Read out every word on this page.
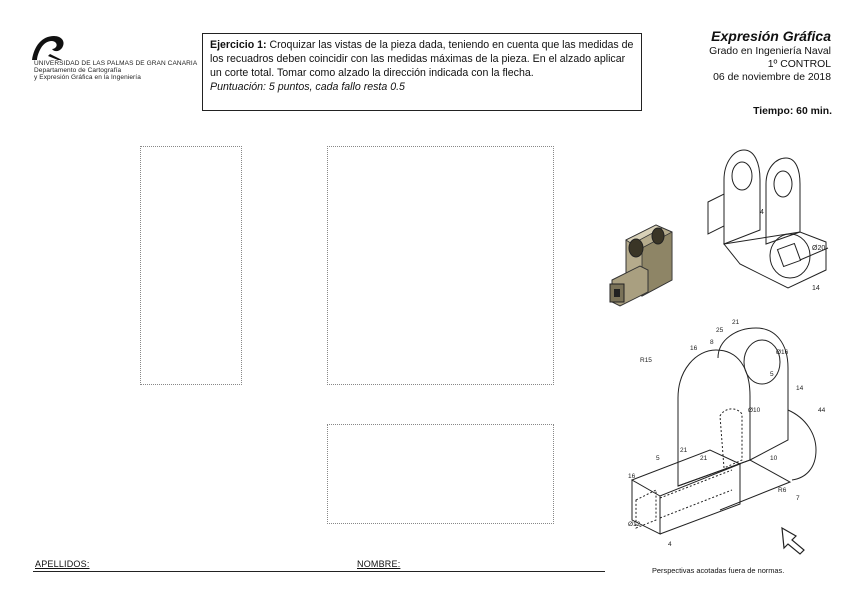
UNIVERSIDAD DE LAS PALMAS DE GRAN CANARIA
Departamento de Cartografía
y Expresión Gráfica en la Ingeniería
Ejercicio 1: Croquizar las vistas de la pieza dada, teniendo en cuenta que las medidas de los recuadros deben coincidir con las medidas máximas de la pieza. En el alzado aplicar un corte total. Tomar como alzado la dirección indicada con la flecha.
Puntuación: 5 puntos, cada fallo resta 0.5
Expresión Gráfica
Grado en Ingeniería Naval
1º CONTROL
06 de noviembre de 2018
Tiempo: 60 min.
Ø20
14
4
21
25
8
16
Ø16
R15
5
14
44
Ø10
21
5	21	10
16
Ø12
R6
7
4
APELLIDOS:	NOMBRE:
Perspectivas acotadas fuera de normas.
